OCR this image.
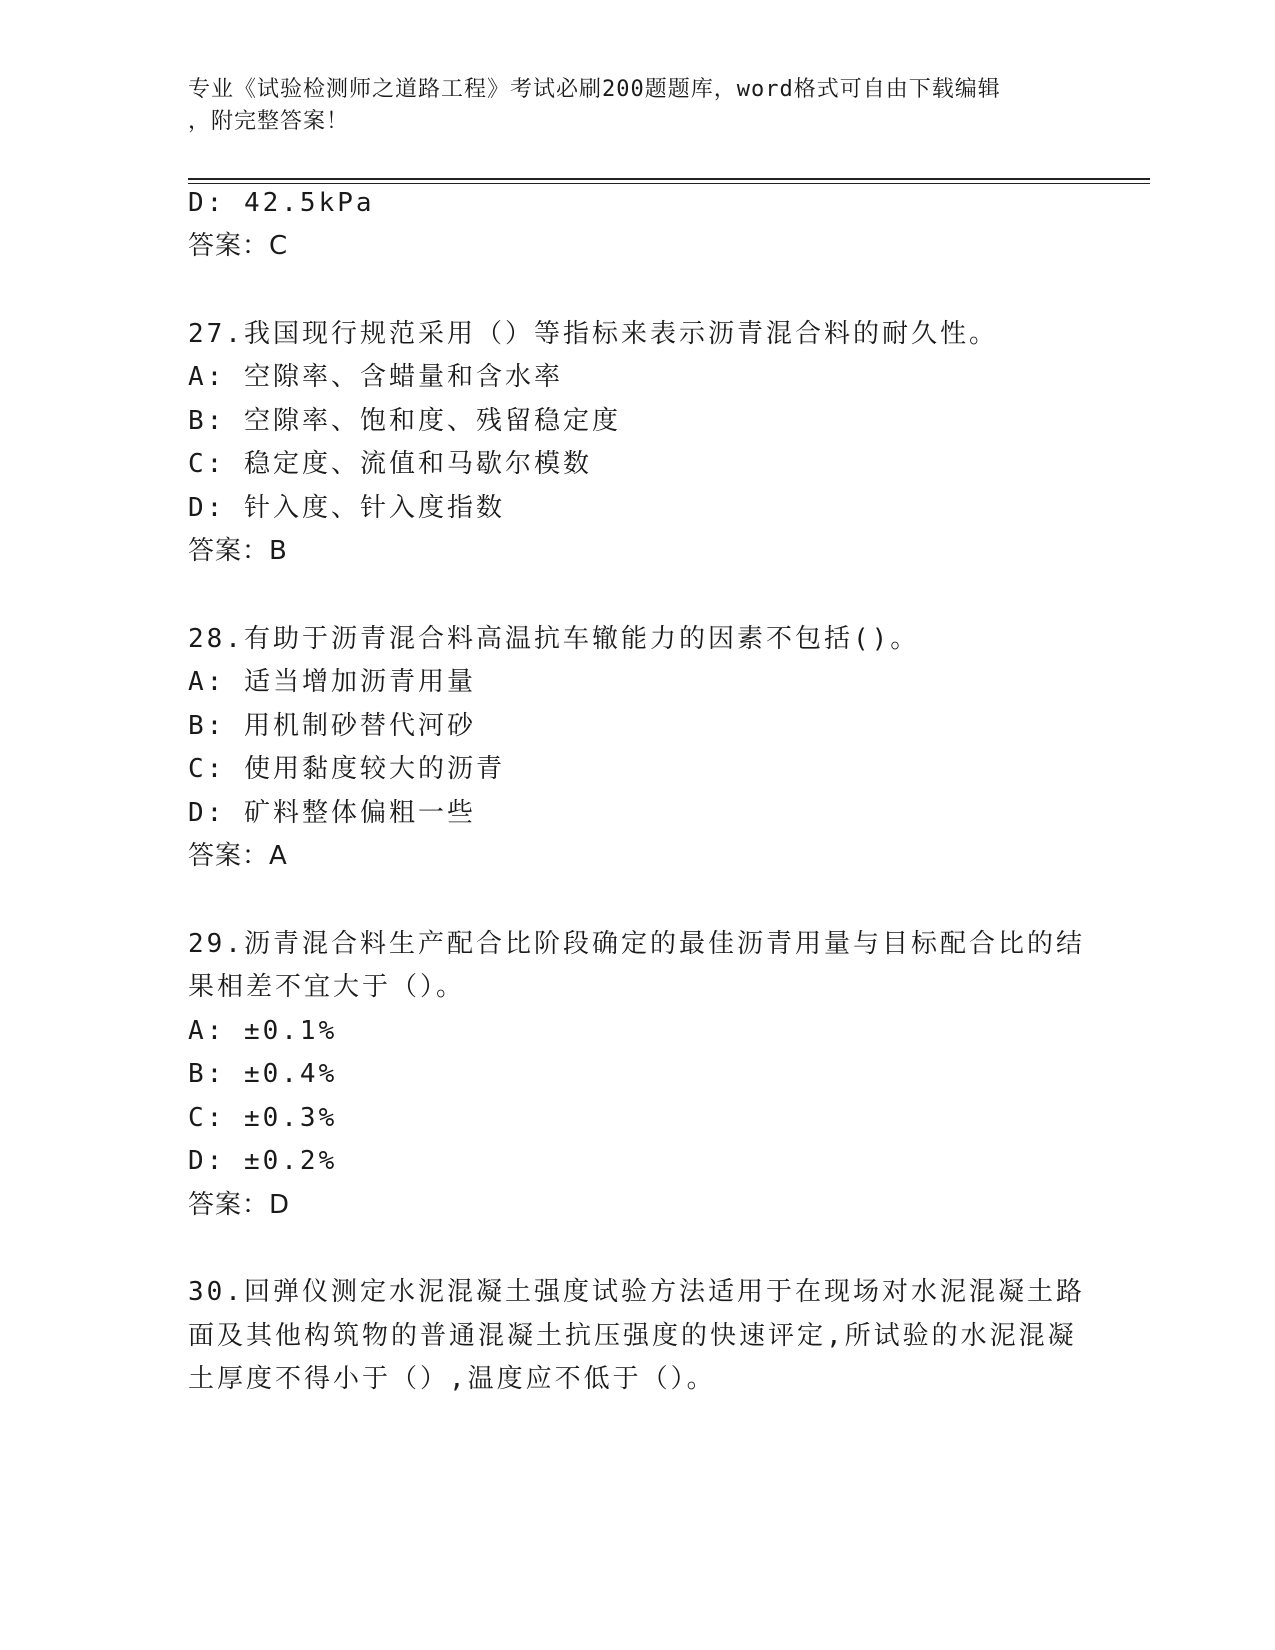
专业《试验检测师之道路工程》考试必刷200题题库，word格式可自由下载编辑
，附完整答案！
D: 42.5kPa
答案：C
27.我国现行规范采用（）等指标来表示沥青混合料的耐久性。
A: 空隙率、含蜡量和含水率
B: 空隙率、饱和度、残留稳定度
C: 稳定度、流值和马歇尔模数
D: 针入度、针入度指数
答案：B
28.有助于沥青混合料高温抗车辙能力的因素不包括()。
A: 适当增加沥青用量
B: 用机制砂替代河砂
C: 使用黏度较大的沥青
D: 矿料整体偏粗一些
答案：A
29.沥青混合料生产配合比阶段确定的最佳沥青用量与目标配合比的结
果相差不宜大于（）。
A: ±0.1%
B: ±0.4%
C: ±0.3%
D: ±0.2%
答案：D
30.回弹仪测定水泥混凝土强度试验方法适用于在现场对水泥混凝土路
面及其他构筑物的普通混凝土抗压强度的快速评定,所试验的水泥混凝
土厚度不得小于（）,温度应不低于（）。
